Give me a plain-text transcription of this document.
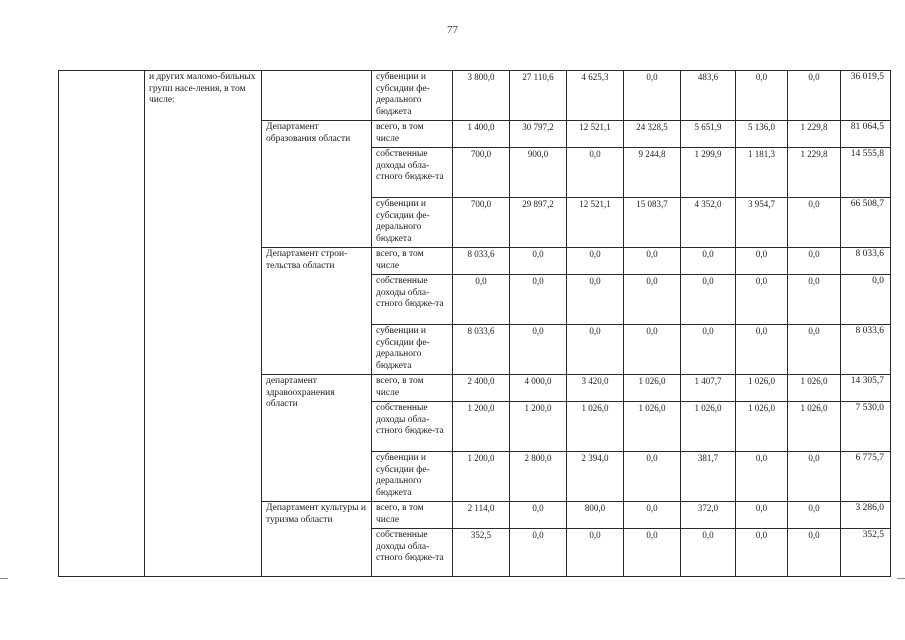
77
	и других маломо-бильных групп насе-ления, в том числе:		субвенции и субсидии фе-дерального бюджета	3 800,0	27 110,6	4 625,3	0,0	483,6	0,0	0,0	36 019,5
		Департамент образования области	всего, в том числе	1 400,0	30 797,2	12 521,1	24 328,5	5 651,9	5 136,0	1 229,8	81 064,5
			собственные доходы обла-стного бюдже-та	700,0	900,0	0,0	9 244,8	1 299,9	1 181,3	1 229,8	14 555,8
			субвенции и субсидии фе-дерального бюджета	700,0	29 897,2	12 521,1	15 083,7	4 352,0	3 954,7	0,0	66 508,7
		Департамент строи-тельства области	всего, в том числе	8 033,6	0,0	0,0	0,0	0,0	0,0	0,0	8 033,6
			собственные доходы обла-стного бюдже-та	0,0	0,0	0,0	0,0	0,0	0,0	0,0	0,0
			субвенции и субсидии фе-дерального бюджета	8 033,6	0,0	0,0	0,0	0,0	0,0	0,0	8 033,6
		департамент здравоохранения области	всего, в том числе	2 400,0	4 000,0	3 420,0	1 026,0	1 407,7	1 026,0	1 026,0	14 305,7
			собственные доходы обла-стного бюдже-та	1 200,0	1 200,0	1 026,0	1 026,0	1 026,0	1 026,0	1 026,0	7 530,0
			субвенции и субсидии фе-дерального бюджета	1 200,0	2 800,0	2 394,0	0,0	381,7	0,0	0,0	6 775,7
		Департамент культуры и туризма области	всего, в том числе	2 114,0	0,0	800,0	0,0	372,0	0,0	0,0	3 286,0
			собственные доходы обла-стного бюдже-та	352,5	0,0	0,0	0,0	0,0	0,0	0,0	352,5
